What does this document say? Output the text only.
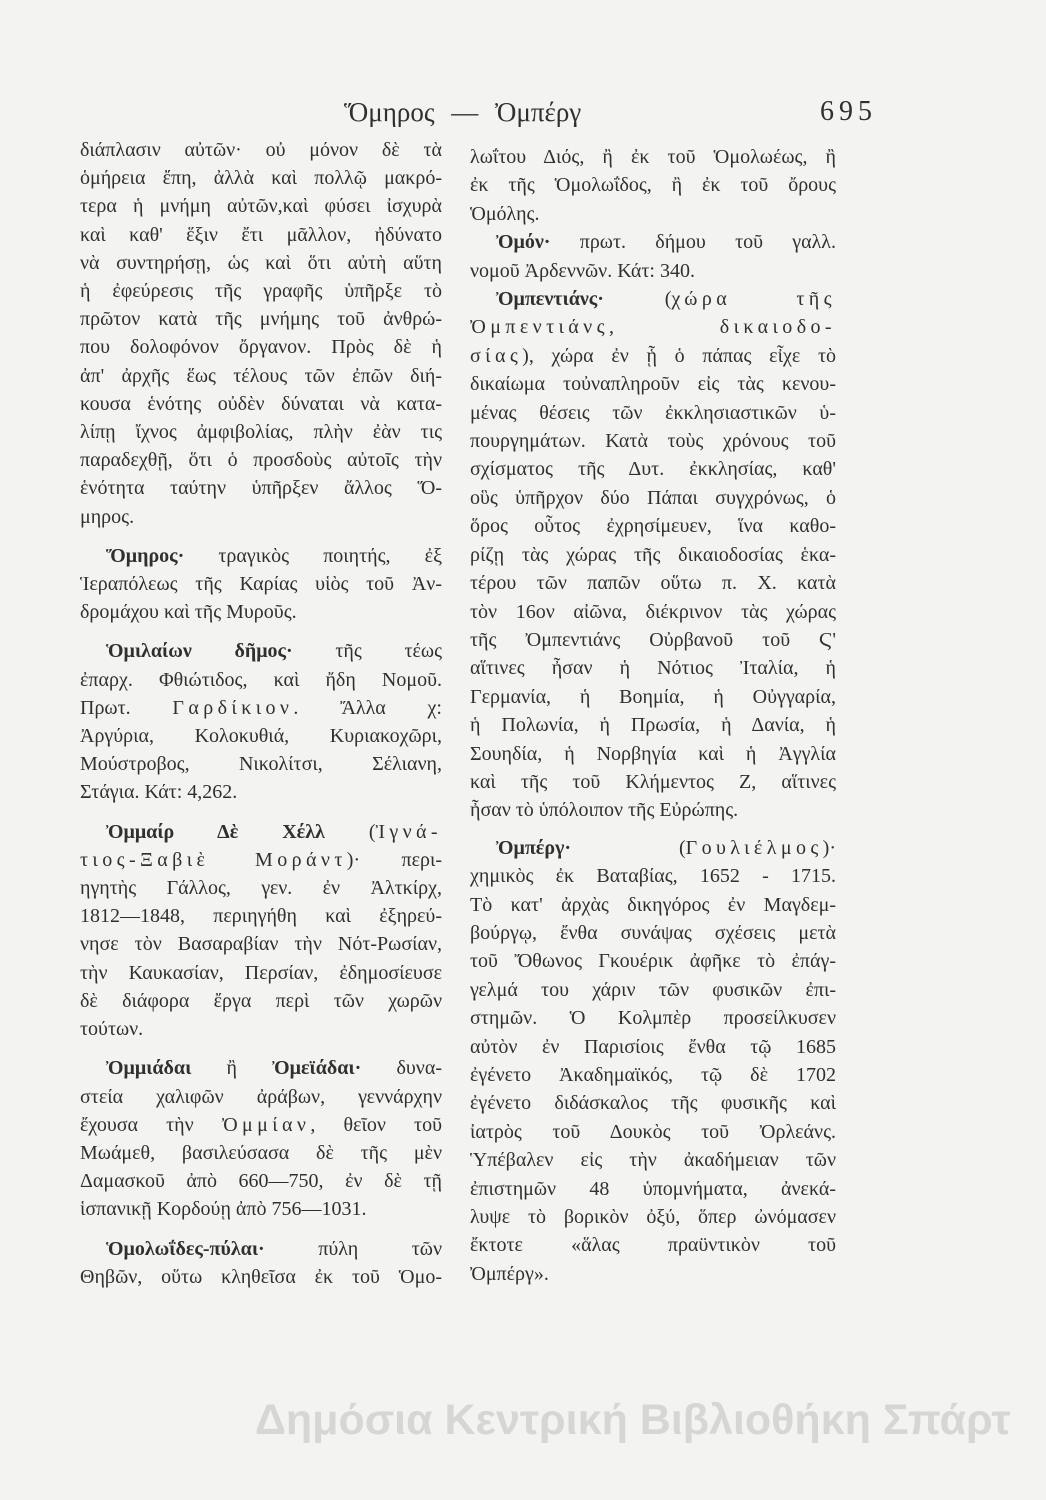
Ὅμηρος — Ὀμπέργ	695
διάπλασιν αὐτῶν· οὐ μόνον δὲ τὰ
ὁμήρεια ἔπη, ἀλλὰ καὶ πολλῷ μακρό-
τερα ἡ μνήμη αὐτῶν,καὶ φύσει ἰσχυρὰ
καὶ καθ' ἕξιν ἔτι μᾶλλον, ἠδύνατο
νὰ συντηρήσῃ, ὡς καὶ ὅτι αὐτὴ αὕτη
ἡ ἐφεύρεσις τῆς γραφῆς ὑπῆρξε τὸ
πρῶτον κατὰ τῆς μνήμης τοῦ ἀνθρώ-
που δολοφόνον ὄργανον. Πρὸς δὲ ἡ
ἀπ' ἀρχῆς ἕως τέλους τῶν ἐπῶν διή-
κουσα ἑνότης οὐδὲν δύναται νὰ κατα-
λίπῃ ἴχνος ἀμφιβολίας, πλὴν ἐὰν τις
παραδεχθῇ, ὅτι ὁ προσδοὺς αὐτοῖς τὴν
ἑνότητα ταύτην ὑπῆρξεν ἄλλος Ὅ-
μηρος.
Ὅμηρος· τραγικὸς ποιητής, ἐξ
Ἱεραπόλεως τῆς Καρίας υἱὸς τοῦ Ἀν-
δρομάχου καὶ τῆς Μυροῦς.
Ὁμιλαίων δῆμος· τῆς τέως
ἐπαρχ. Φθιώτιδος, καὶ ἤδη Νομοῦ.
Πρωτ. Γαρδίκιον. Ἄλλα χ:
Ἀργύρια, Κολοκυθιά, Κυριακοχῶρι,
Μούστροβος, Νικολίτσι, Σέλιανη,
Στάγια. Κάτ: 4,262.
Ὀμμαίρ Δὲ Χέλλ (Ἰγνά-
τιος-Ξαβιὲ Μοράντ)· περι-
ηγητὴς Γάλλος, γεν. ἐν Ἀλτκίρχ,
1812—1848, περιηγήθη καὶ ἐξηρεύ-
νησε τὸν Βασαραβίαν τὴν Νότ-Ρωσίαν,
τὴν Καυκασίαν, Περσίαν, ἐδημοσίευσε
δὲ διάφορα ἔργα περὶ τῶν χωρῶν
τούτων.
Ὀμμιάδαι ἢ Ὀμεϊάδαι· δυνα-
στεία χαλιφῶν ἀράβων, γεννάρχην
ἔχουσα τὴν Ὀμμίαν, θεῖον τοῦ
Μωάμεθ, βασιλεύσασα δὲ τῆς μὲν
Δαμασκοῦ ἀπὸ 660—750, ἐν δὲ τῇ
ἱσπανικῇ Κορδούῃ ἀπὸ 756—1031.
Ὁμολωΐδες-πύλαι· πύλη τῶν
Θηβῶν, οὕτω κληθεῖσα ἐκ τοῦ Ὁμο-
λωΐτου Διός, ἢ ἐκ τοῦ Ὁμολωέως, ἢ
ἐκ τῆς Ὁμολωΐδος, ἢ ἐκ τοῦ ὄρους
Ὁμόλης.
Ὀμόν· πρωτ. δήμου τοῦ γαλλ.
νομοῦ Ἀρδεννῶν. Κάτ: 340.
Ὀμπεντιάνς· (χώρα τῆς
Ὀμπεντιάνς, δικαιοδο-
σίας), χώρα ἐν ᾗ ὁ πάπας εἶχε τὸ
δικαίωμα τοὐναπληροῦν εἰς τὰς κενου-
μένας θέσεις τῶν ἐκκλησιαστικῶν ὑ-
πουργημάτων. Κατὰ τοὺς χρόνους τοῦ
σχίσματος τῆς Δυτ. ἐκκλησίας, καθ'
οὓς ὑπῆρχον δύο Πάπαι συγχρόνως, ὁ
ὅρος οὗτος ἐχρησίμευεν, ἵνα καθο-
ρίζῃ τὰς χώρας τῆς δικαιοδοσίας ἑκα-
τέρου τῶν παπῶν οὕτω π. Χ. κατὰ
τὸν 16ον αἰῶνα, διέκρινον τὰς χώρας
τῆς Ὀμπεντιάνς Οὐρβανοῦ τοῦ Ϛ'
αἵτινες ἦσαν ἡ Νότιος Ἰταλία, ἡ
Γερμανία, ἡ Βοημία, ἡ Οὐγγαρία,
ἡ Πολωνία, ἡ Πρωσία, ἡ Δανία, ἡ
Σουηδία, ἡ Νορβηγία καὶ ἡ Ἀγγλία
καὶ τῆς τοῦ Κλήμεντος Ζ, αἵτινες
ἦσαν τὸ ὑπόλοιπον τῆς Εὐρώπης.
Ὀμπέργ· (Γουλιέλμος)·
χημικὸς ἐκ Βαταβίας, 1652 - 1715.
Τὸ κατ' ἀρχὰς δικηγόρος ἐν Μαγδεμ-
βούργῳ, ἔνθα συνάψας σχέσεις μετὰ
τοῦ Ὄθωνος Γκουέρικ ἀφῆκε τὸ ἐπάγ-
γελμά του χάριν τῶν φυσικῶν ἐπι-
στημῶν. Ὁ Κολμπὲρ προσείλκυσεν
αὐτὸν ἐν Παρισίοις ἔνθα τῷ 1685
ἐγένετο Ἀκαδημαϊκός, τῷ δὲ 1702
ἐγένετο διδάσκαλος τῆς φυσικῆς καὶ
ἰατρὸς τοῦ Δουκὸς τοῦ Ὀρλεάνς.
Ὑπέβαλεν εἰς τὴν ἀκαδήμειαν τῶν
ἐπιστημῶν 48 ὑπομνήματα, ἀνεκά-
λυψε τὸ βορικὸν ὀξύ, ὅπερ ὠνόμασεν
ἔκτοτε «ἅλας πραϋντικὸν τοῦ
Ὀμπέργ».
Δημόσια Κεντρική Βιβλιοθήκη Σπάρτ
